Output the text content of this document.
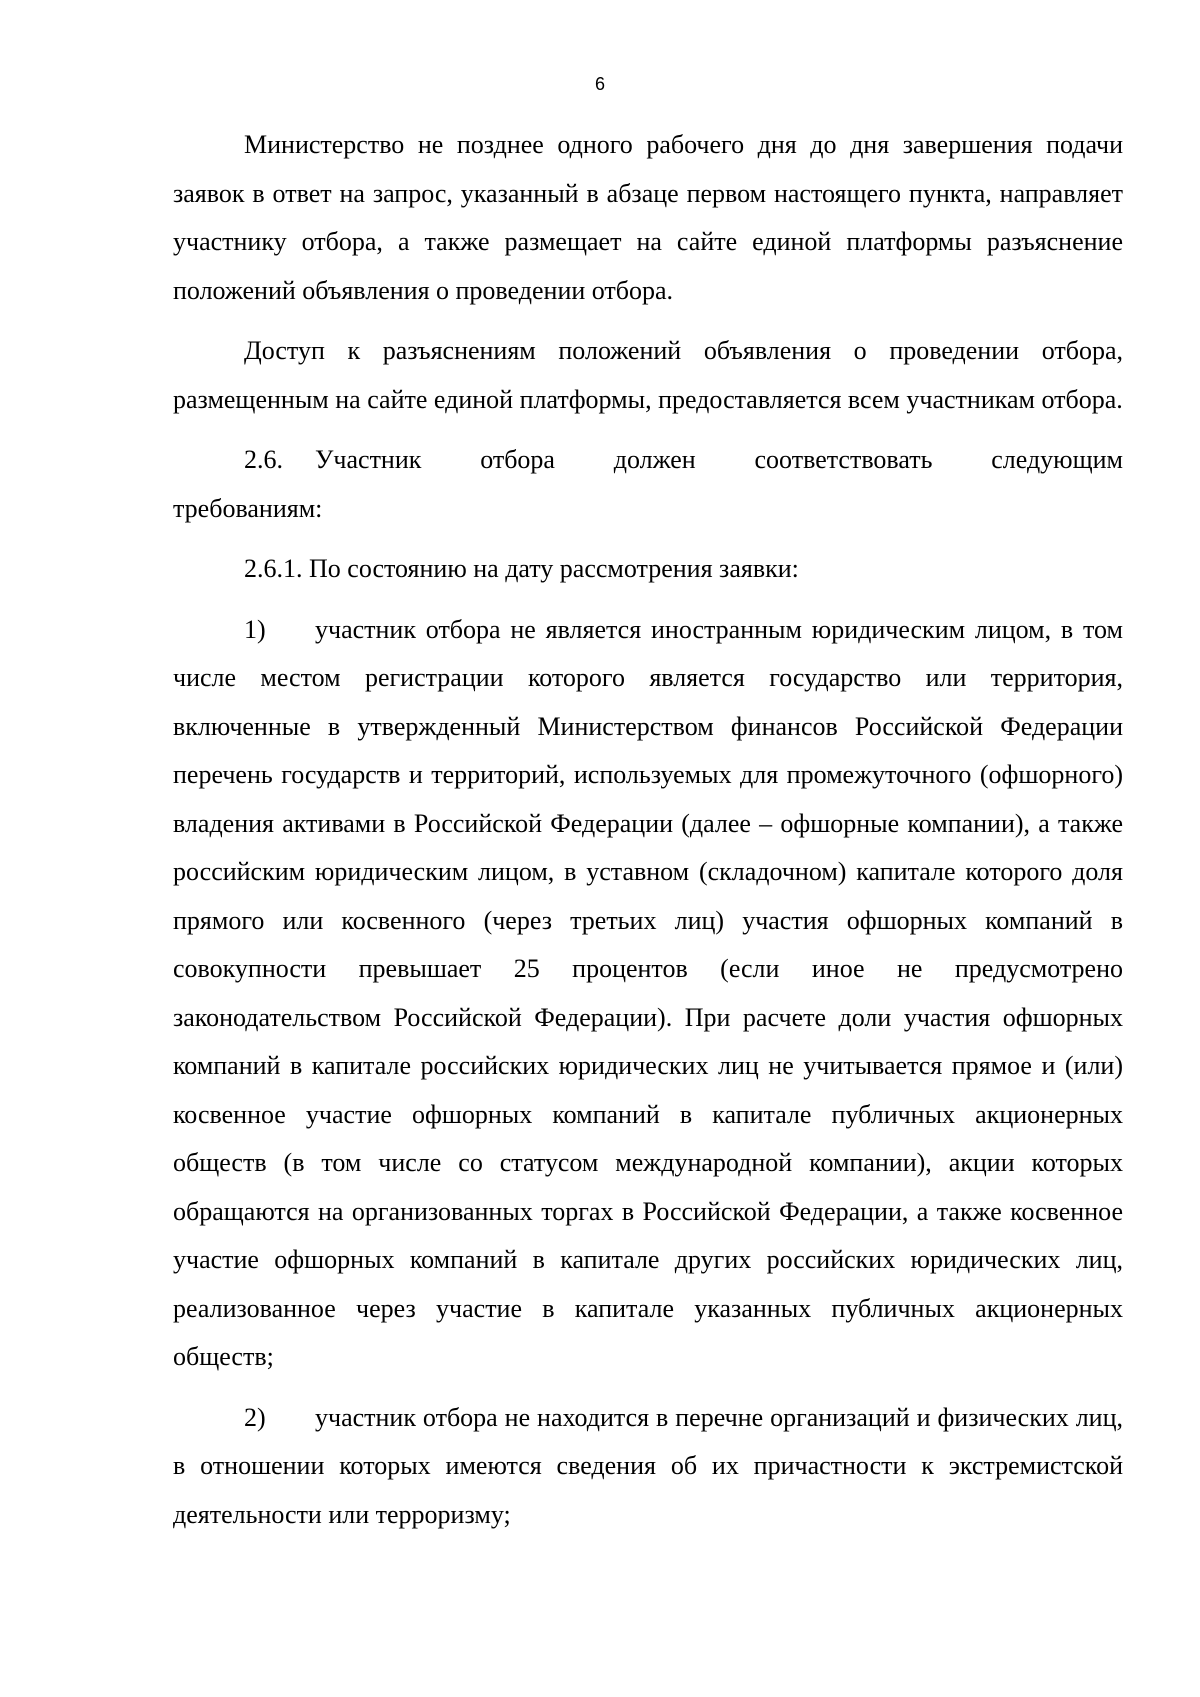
6

Министерство не позднее одного рабочего дня до дня завершения подачи заявок в ответ на запрос, указанный в абзаце первом настоящего пункта, направляет участнику отбора, а также размещает на сайте единой платформы разъяснение положений объявления о проведении отбора.

Доступ к разъяснениям положений объявления о проведении отбора, размещенным на сайте единой платформы, предоставляется всем участникам отбора.

2.6. Участник отбора должен соответствовать следующим

требованиям:

2.6.1. По состоянию на дату рассмотрения заявки:

1) участник отбора не является иностранным юридическим лицом, в том числе местом регистрации которого является государство или территория, включенные в утвержденный Министерством финансов Российской Федерации перечень государств и территорий, используемых для промежуточного (офшорного) владения активами в Российской Федерации (далее – офшорные компании), а также российским юридическим лицом, в уставном (складочном) капитале которого доля прямого или косвенного (через третьих лиц) участия офшорных компаний в совокупности превышает 25 процентов (если иное не предусмотрено законодательством Российской Федерации). При расчете доли участия офшорных компаний в капитале российских юридических лиц не учитывается прямое и (или) косвенное участие офшорных компаний в капитале публичных акционерных обществ (в том числе со статусом международной компании), акции которых обращаются на организованных торгах в Российской Федерации, а также косвенное участие офшорных компаний в капитале других российских юридических лиц, реализованное через участие в капитале указанных публичных акционерных обществ;

2) участник отбора не находится в перечне организаций и физических лиц, в отношении которых имеются сведения об их причастности к экстремистской деятельности или терроризму;
